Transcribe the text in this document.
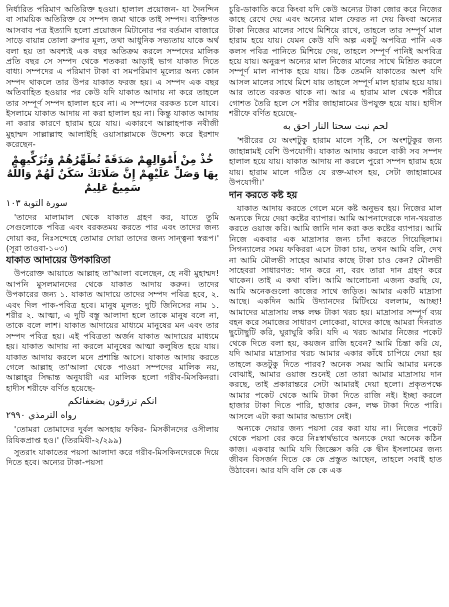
নির্ধারিত পরিমাণ অতিরিক্ত হওয়া। হালাল প্রয়োজন- যা দৈনন্দিন বা সাময়িক অতিরিক্ত যে সম্পদ জমা থাকে তাই সম্পদ। ব্যক্তিগত আসবাব পত্র ইত্যাদি হলো প্রয়োজন মিটানোর পর বর্তমান বাজারে সাড়ে বায়ান্ন তোলা রুপার মূল্য, তথা আধুনিক সভ্যতায় যাকে অর্থ বলা হয় তা অবশ্যই এক বছর অতিক্রম করলে সম্পদের মালিক প্রতি বছর সে সম্পদ থেকে শতকরা আড়াই ভাগ যাকাত দিতে বাধ্য। সম্পদের এ পরিমাণ টাকা বা সমপরিমাণ মূল্যের অন্য কোন সম্পদ থাকলে তার উপর যাকাত ফরজ হয়। এ সম্পদ এক বছর অতিবাহিত হওয়ার পর কেউ যদি যাকাত আদায় না করে তাহলে তার সম্পূর্ণ সম্পদ হালাল হবে না। এ সম্পদের বরকত চলে যাবে। ইসলামে যাকাত আদায় না করা হালাল হয় না। কিন্তু যাকাত আদায় না করার কারণে হারাম হয়ে যায়। একারণে আল্লাহপাক নবীজী মুহাম্মদ সাল্লাল্লাহু আলাইহি ওয়াসাল্লামকে উদ্দেশ্য করে ইরশাদ করেছেন-

خُذْ مِنْ أَمْوَالِهِمْ صَدَقَةً تُطَهِّرُهُمْ وَتُزَكِّيهِمْ بِهَا وَصَلِّ عَلَيْهِمْ إِنَّ صَلَاتَكَ سَكَنٌ لَهُمْ وَاللَّهُ سَمِيعٌ عَلِيمٌ
سورة التوبة ١٠٣

'তাদের মালামাল থেকে যাকাত গ্রহণ কর, যাতে তুমি সেগুলোকে পবিত্র এবং বরকতময় করতে পার এবং তাদের জন্য দোয়া কর, নিঃসন্দেহে তোমার দোয়া তাদের জন্য সান্ত্বনা স্বরূপ।' (সূরা তাওবা-১০৩)

যাকাত আদায়ের উপকারিতা

উপরোক্ত আয়াতে আল্লাহ তা'আলা বলেছেন, হে নবী মুহাম্মদ! আপনি মুসলমানদের থেকে যাকাত আদায় করুন। তাদের উপকারের জন্য ১. যাকাত আদায়ে তাদের সম্পদ পবিত্র হবে, ২. এবং দিল পাক-পবিত্র হবে। মানুষ মূলত: দুটি জিনিসের নাম ১. শরীর ২. আত্মা, এ দুটি বস্তু আলাদা হলে তাকে মানুষ বলে না, তাকে বলে লাশ। যাকাত আদায়ের মাধ্যমে মানুষের মন এবং তার সম্পদ পবিত্র হয়। এই পবিত্রতা অর্জন যাকাত আদায়ের মাধ্যমে হয়। যাকাত আদায় না করলে মানুষের আত্মা কলুষিত হয়ে যায়। যাকাত আদায় করলে মনে প্রশান্তি আসে। যাকাত আদায় করতে গেলে আল্লাহ তা'আলা থেকে পাওয়া সম্পদের মালিক নয়, আল্লাহ্‌র সিদ্ধান্ত অনুযায়ী এর মালিক হলো গরীব-মিসকিনরা। হাদীস শরীফে বর্ণিত হয়েছে-

انكم ترزقون بضعفائكم
رواه الترمذي ٢٩٩٠

'তোমরা তোমাদের দুর্বল অসহায় ফকির- মিসকীনদের ওসীলায় রিযিকপ্রাপ্ত হও।' (তিরমিযী-২/২৯৯)

সুতরাং যাকাতের পয়সা আলাদা করে গরীব-মিসকিনদেরকে দিয়ে দিতে হবে। অন্যের টাকা-পয়সা

চুরি-ডাকাতি করে কিংবা যদি কেউ অন্যের টাকা জোর করে নিজের কাছে রেখে দেয় এবং অন্যের মাল ফেরত না দেয় কিংবা অন্যের টাকা নিজের মালের সাথে মিশিয়ে রাখে, তাহলে তার সম্পূর্ণ মাল হারাম হয়ে যায়। যেমন কেউ যদি অল্প একটু অপবিত্র পানি এক কলস পবিত্র পানিতে মিশিয়ে দেয়, তাহলে সম্পূর্ণ পানিই অপবিত্র হয়ে যায়। অনুরূপ অন্যের মাল নিজের মালের সাথে মিশ্রিত করলে সম্পূর্ণ মাল নাপাক হয়ে যায়। ঠিক তেমনি যাকাতের অংশ যদি আসল মালের সাথে মিশে যায় তাহলে সম্পূর্ণ মাল হারাম হয়ে যায়। আর তাতে বরকত থাকে না। আর এ হারাম মাল থেকে শরীরে গোশত তৈরি হলে সে শরীর জাহান্নামের উপযুক্ত হয়ে যায়। হাদীস শরীফে বর্ণিত হয়েছে-

لحم نبت سحتا النار احق به

'শরীরের যে অংশটুকু হারাম মালে সৃষ্টি, সে অংশটুকুর জন্য জাহান্নামই বেশি উপযোগী। যাকাত আদায় করলে বাকী সব সম্পদ হালাল হয়ে যায়। যাকাত আদায় না করলে পুরো সম্পদ হারাম হয়ে যায়। হারাম মালে গঠিত যে রক্ত-মাংস হয়, সেটা জাহান্নামের উপযোগী।'

দান করতে কষ্ট হয়

যাকাত আদায় করতে গেলে মনে কষ্ট অনুভব হয়। নিজের মাল অন্যকে দিয়ে দেয়া কষ্টের ব্যাপার। আমি আপনাদেরকে দান-খয়রাত করতে ওয়াজ করি। আমি জানি দান করা কত কষ্টের ব্যাপার। আমি নিজে একবার এক মাদ্রাসার জন্য চাঁদা করতে গিয়েছিলাম। সিগন্যালের সময় ফকিররা এসে টাকা চায়, তখন আমি বলি, দেখ না আমি মৌলভী সাহেব আমার কাছে টাকা চাও কেন? মৌলভী সাহেবরা সাধারণত: দান করে না, বরং তারা দান গ্রহণ করে থাকেন। তাই এ কথা বলি। আমি আলোচনা এজন্য করছি যে, আমি অনেকগুলো কাজের সাথে জড়িত। আমার একটি মাদ্রাসা আছে। একদিন আমি উদ্যানদের মিটিংয়ে বললাম, আচ্ছা! আমাদের মাদ্রাসায় লক্ষ লক্ষ টাকা খরচ হয়। মাদ্রাসার সম্পূর্ণ ব্যয় বহন করে সমাজের সাধারণ লোকেরা, যাদের কাছে আমরা দিনরাত ছুটোছুটি করি, ঘুরাঘুরি করি। যদি এ খরচ আমার নিজের পকেট থেকে দিতে বলা হয়, কয়জন রাজি হবেন? আমি চিন্তা করি যে, যদি আমার মাদ্রাসার খরচ আমার একার কাঁধে চাপিয়ে দেয়া হয় তাহলে কতটুকু দিতে পারব? অনেক সময় আমি আমার মনকে বোঝাই, আমার ওয়াজ শুনেই তো তারা আমার মাদ্রাসায় দান করছে, তাই প্রকারান্তরে সেটা আমারই দেয়া হলো। প্রকৃতপক্ষে আমার পকেট থেকে আমি টাকা দিতে রাজি নই। ইচ্ছা করলে হাজার টাকা দিতে পারি, হাজার কেন, লক্ষ টাকা দিতে পারি। আসলে এটা করা আমার অভ্যাস নেই।

অন্যকে দেয়ার জন্য পয়সা বের করা যায় না। নিজের পকেট থেকে পয়সা বের করে নিঃস্বার্থভাবে অন্যকে দেয়া অনেক কঠিন কাজ। একবার আমি যদি জিজ্ঞেস করি কে দ্বীন ইসলামের জন্য জীবন বিসর্জন দিতে কে কে প্রস্তুত আছেন, তাহলে সবাই হাত উঠাবেন। আর যদি বলি কে কে এক
